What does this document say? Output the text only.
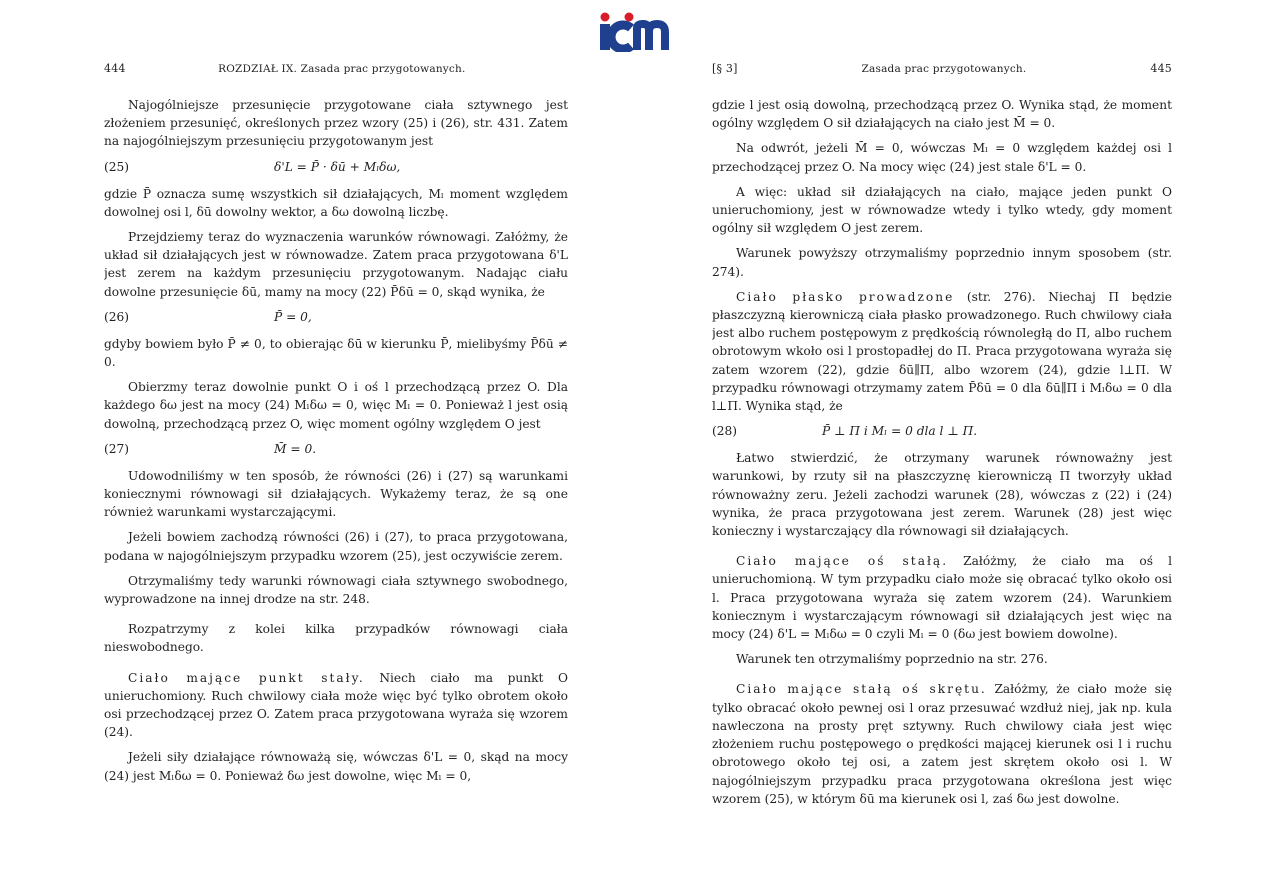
444	ROZDZIAŁ IX. Zasada prac przygotowanych.

Najogólniejsze przesunięcie przygotowane ciała sztywnego jest złożeniem przesunięć, określonych przez wzory (25) i (26), str. 431. Zatem na najogólniejszym przesunięciu przygotowanym jest

(25)	δ'L = P̄ · δū + Mₗδω,

gdzie P̄ oznacza sumę wszystkich sił działających, Mₗ moment względem dowolnej osi l, δū dowolny wektor, a δω dowolną liczbę.

Przejdziemy teraz do wyznaczenia warunków równowagi. Załóżmy, że układ sił działających jest w równowadze. Zatem praca przygotowana δ'L jest zerem na każdym przesunięciu przygotowanym. Nadając ciału dowolne przesunięcie δū, mamy na mocy (22) P̄δū = 0, skąd wynika, że

(26)	P̄ = 0,

gdyby bowiem było P̄ ≠ 0, to obierając δū w kierunku P̄, mielibyśmy P̄δū ≠ 0.

Obierzmy teraz dowolnie punkt O i oś l przechodzącą przez O. Dla każdego δω jest na mocy (24) Mₗδω = 0, więc Mₗ = 0. Ponieważ l jest osią dowolną, przechodzącą przez O, więc moment ogólny względem O jest

(27)	M̄ = 0.

Udowodniliśmy w ten sposób, że równości (26) i (27) są warunkami koniecznymi równowagi sił działających. Wykażemy teraz, że są one również warunkami wystarczającymi.

Jeżeli bowiem zachodzą równości (26) i (27), to praca przygotowana, podana w najogólniejszym przypadku wzorem (25), jest oczywiście zerem.

Otrzymaliśmy tedy warunki równowagi ciała sztywnego swobodnego, wyprowadzone na innej drodze na str. 248.

Rozpatrzymy z kolei kilka przypadków równowagi ciała nieswobodnego.

Ciało mające punkt stały. Niech ciało ma punkt O unieruchomiony. Ruch chwilowy ciała może więc być tylko obrotem około osi przechodzącej przez O. Zatem praca przygotowana wyraża się wzorem (24).

Jeżeli siły działające równoważą się, wówczas δ'L = 0, skąd na mocy (24) jest Mₗδω = 0. Ponieważ δω jest dowolne, więc Mₗ = 0,

[§ 3]	Zasada prac przygotowanych.	445

gdzie l jest osią dowolną, przechodzącą przez O. Wynika stąd, że moment ogólny względem O sił działających na ciało jest M̄ = 0.

Na odwrót, jeżeli M̄ = 0, wówczas Mₗ = 0 względem każdej osi l przechodzącej przez O. Na mocy więc (24) jest stale δ'L = 0.

A więc: układ sił działających na ciało, mające jeden punkt O unieruchomiony, jest w równowadze wtedy i tylko wtedy, gdy moment ogólny sił względem O jest zerem.

Warunek powyższy otrzymaliśmy poprzednio innym sposobem (str. 274).

Ciało płasko prowadzone (str. 276). Niechaj Π będzie płaszczyzną kierowniczą ciała płasko prowadzonego. Ruch chwilowy ciała jest albo ruchem postępowym z prędkością równoległą do Π, albo ruchem obrotowym wkoło osi l prostopadłej do Π. Praca przygotowana wyraża się zatem wzorem (22), gdzie δū∥Π, albo wzorem (24), gdzie l⊥Π. W przypadku równowagi otrzymamy zatem P̄δū = 0 dla δū∥Π i Mₗδω = 0 dla l⊥Π. Wynika stąd, że

(28)	P̄ ⊥ Π i Mₗ = 0 dla l ⊥ Π.

Łatwo stwierdzić, że otrzymany warunek równoważny jest warunkowi, by rzuty sił na płaszczyznę kierowniczą Π tworzyły układ równoważny zeru. Jeżeli zachodzi warunek (28), wówczas z (22) i (24) wynika, że praca przygotowana jest zerem. Warunek (28) jest więc konieczny i wystarczający dla równowagi sił działających.

Ciało mające oś stałą. Załóżmy, że ciało ma oś l unieruchomioną. W tym przypadku ciało może się obracać tylko około osi l. Praca przygotowana wyraża się zatem wzorem (24). Warunkiem koniecznym i wystarczającym równowagi sił działających jest więc na mocy (24) δ'L = Mₗδω = 0 czyli Mₗ = 0 (δω jest bowiem dowolne).

Warunek ten otrzymaliśmy poprzednio na str. 276.

Ciało mające stałą oś skrętu. Załóżmy, że ciało może się tylko obracać około pewnej osi l oraz przesuwać wzdłuż niej, jak np. kula nawleczona na prosty pręt sztywny. Ruch chwilowy ciała jest więc złożeniem ruchu postępowego o prędkości mającej kierunek osi l i ruchu obrotowego około tej osi, a zatem jest skrętem około osi l. W najogólniejszym przypadku praca przygotowana określona jest więc wzorem (25), w którym δū ma kierunek osi l, zaś δω jest dowolne.
